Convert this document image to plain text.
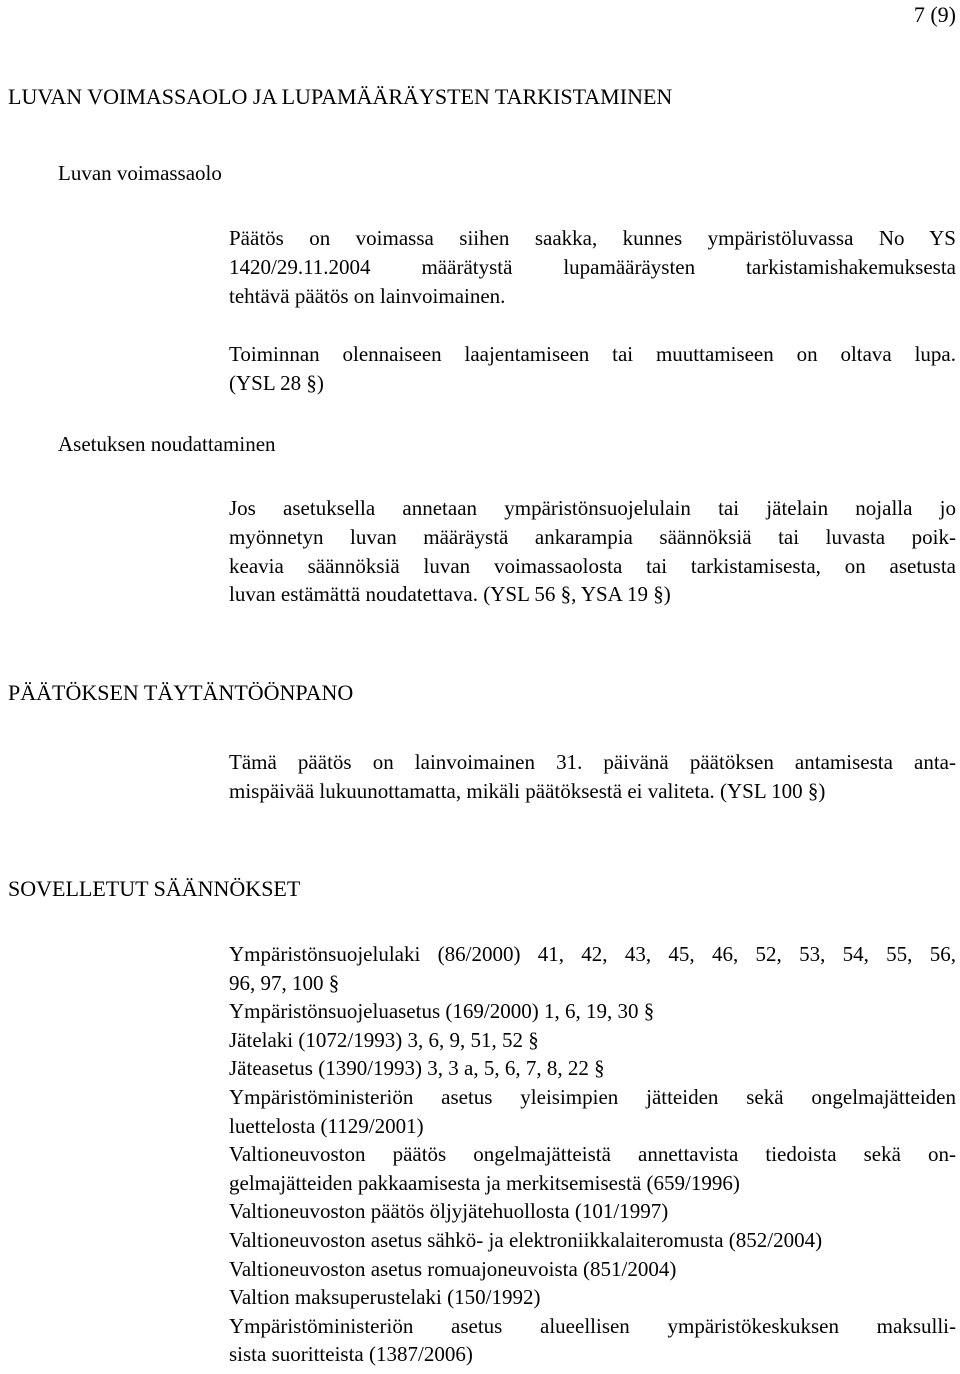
7 (9)
LUVAN VOIMASSAOLO JA LUPAMÄÄRÄYSTEN TARKISTAMINEN
Luvan voimassaolo

Päätös on voimassa siihen saakka, kunnes ympäristöluvassa No YS
1420/29.11.2004 määrätystä lupamääräysten tarkistamishakemuksesta
tehtävä päätös on lainvoimainen.

Toiminnan olennaiseen laajentamiseen tai muuttamiseen on oltava lupa.
(YSL 28 §)

Asetuksen noudattaminen

Jos asetuksella annetaan ympäristönsuojelulain tai jätelain nojalla jo
myönnetyn luvan määräystä ankarampia säännöksiä tai luvasta poik-
keavia säännöksiä luvan voimassaolosta tai tarkistamisesta, on asetusta
luvan estämättä noudatettava. (YSL 56 §, YSA 19 §)

PÄÄTÖKSEN TÄYTÄNTÖÖNPANO

Tämä päätös on lainvoimainen 31. päivänä päätöksen antamisesta anta-
mispäivää lukuunottamatta, mikäli päätöksestä ei valiteta. (YSL 100 §)

SOVELLETUT SÄÄNNÖKSET
Ympäristönsuojelulaki (86/2000) 41, 42, 43, 45, 46, 52, 53, 54, 55, 56,
96, 97, 100 §
Ympäristönsuojeluasetus (169/2000) 1, 6, 19, 30 §
Jätelaki (1072/1993) 3, 6, 9, 51, 52 §
Jäteasetus (1390/1993) 3, 3 a, 5, 6, 7, 8, 22 §
Ympäristöministeriön asetus yleisimpien jätteiden sekä ongelmajätteiden
luettelosta (1129/2001)
Valtioneuvoston päätös ongelmajätteistä annettavista tiedoista sekä on-
gelmajätteiden pakkaamisesta ja merkitsemisestä (659/1996)
Valtioneuvoston päätös öljyjätehuollosta (101/1997)
Valtioneuvoston asetus sähkö- ja elektroniikkalaiteromusta (852/2004)
Valtioneuvoston asetus romuajoneuvoista (851/2004)
Valtion maksuperustelaki (150/1992)
Ympäristöministeriön asetus alueellisen ympäristökeskuksen maksulli-
sista suoritteista (1387/2006)
